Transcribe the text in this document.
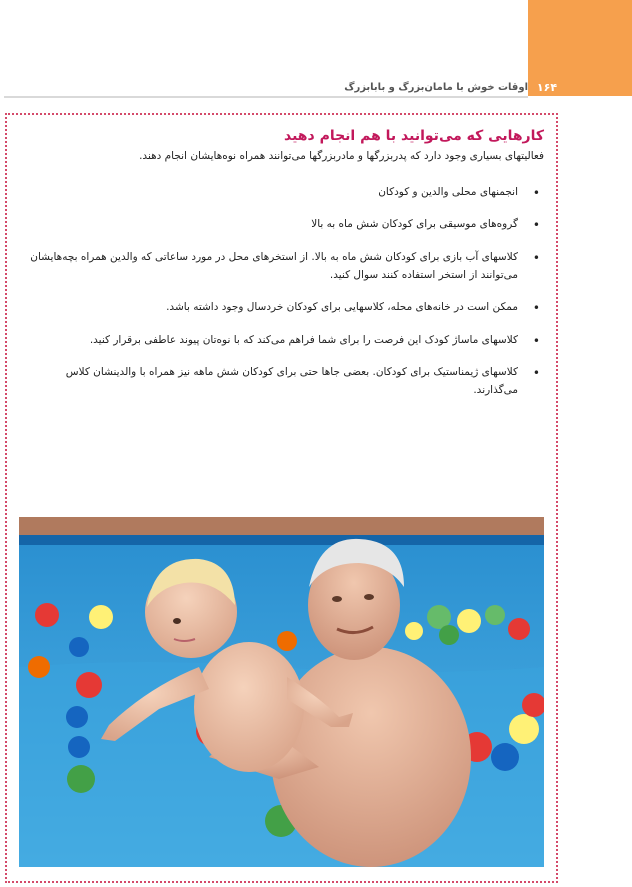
۱۶۴
اوقات خوش با مامان‌بزرگ و بابابزرگ
کارهایی که می‌توانید با هم انجام دهید

فعالیتهای بسیاری وجود دارد که پدربزرگها و مادربزرگها می‌توانند همراه نوه‌هایشان انجام دهند.

•
انجمنهای محلی والدین و کودکان
•
گروه‌های موسیقی برای کودکان شش ماه به بالا
•
کلاسهای آب بازی برای کودکان شش ماه به بالا. از استخرهای محل در مورد ساعاتی که والدین همراه بچه‌هایشان می‌توانند از استخر استفاده کنند سوال کنید.
•
ممکن است در خانه‌های محله، کلاسهایی برای کودکان خردسال وجود داشته باشد.
•
کلاسهای ماساژ کودک این فرصت را برای شما فراهم می‌کند که با نوه‌تان پیوند عاطفی برقرار کنید.
•
کلاسهای ژیمناستیک برای کودکان. بعضی جاها حتی برای کودکان شش ماهه نیز همراه با والدینشان کلاس می‌گذارند.
